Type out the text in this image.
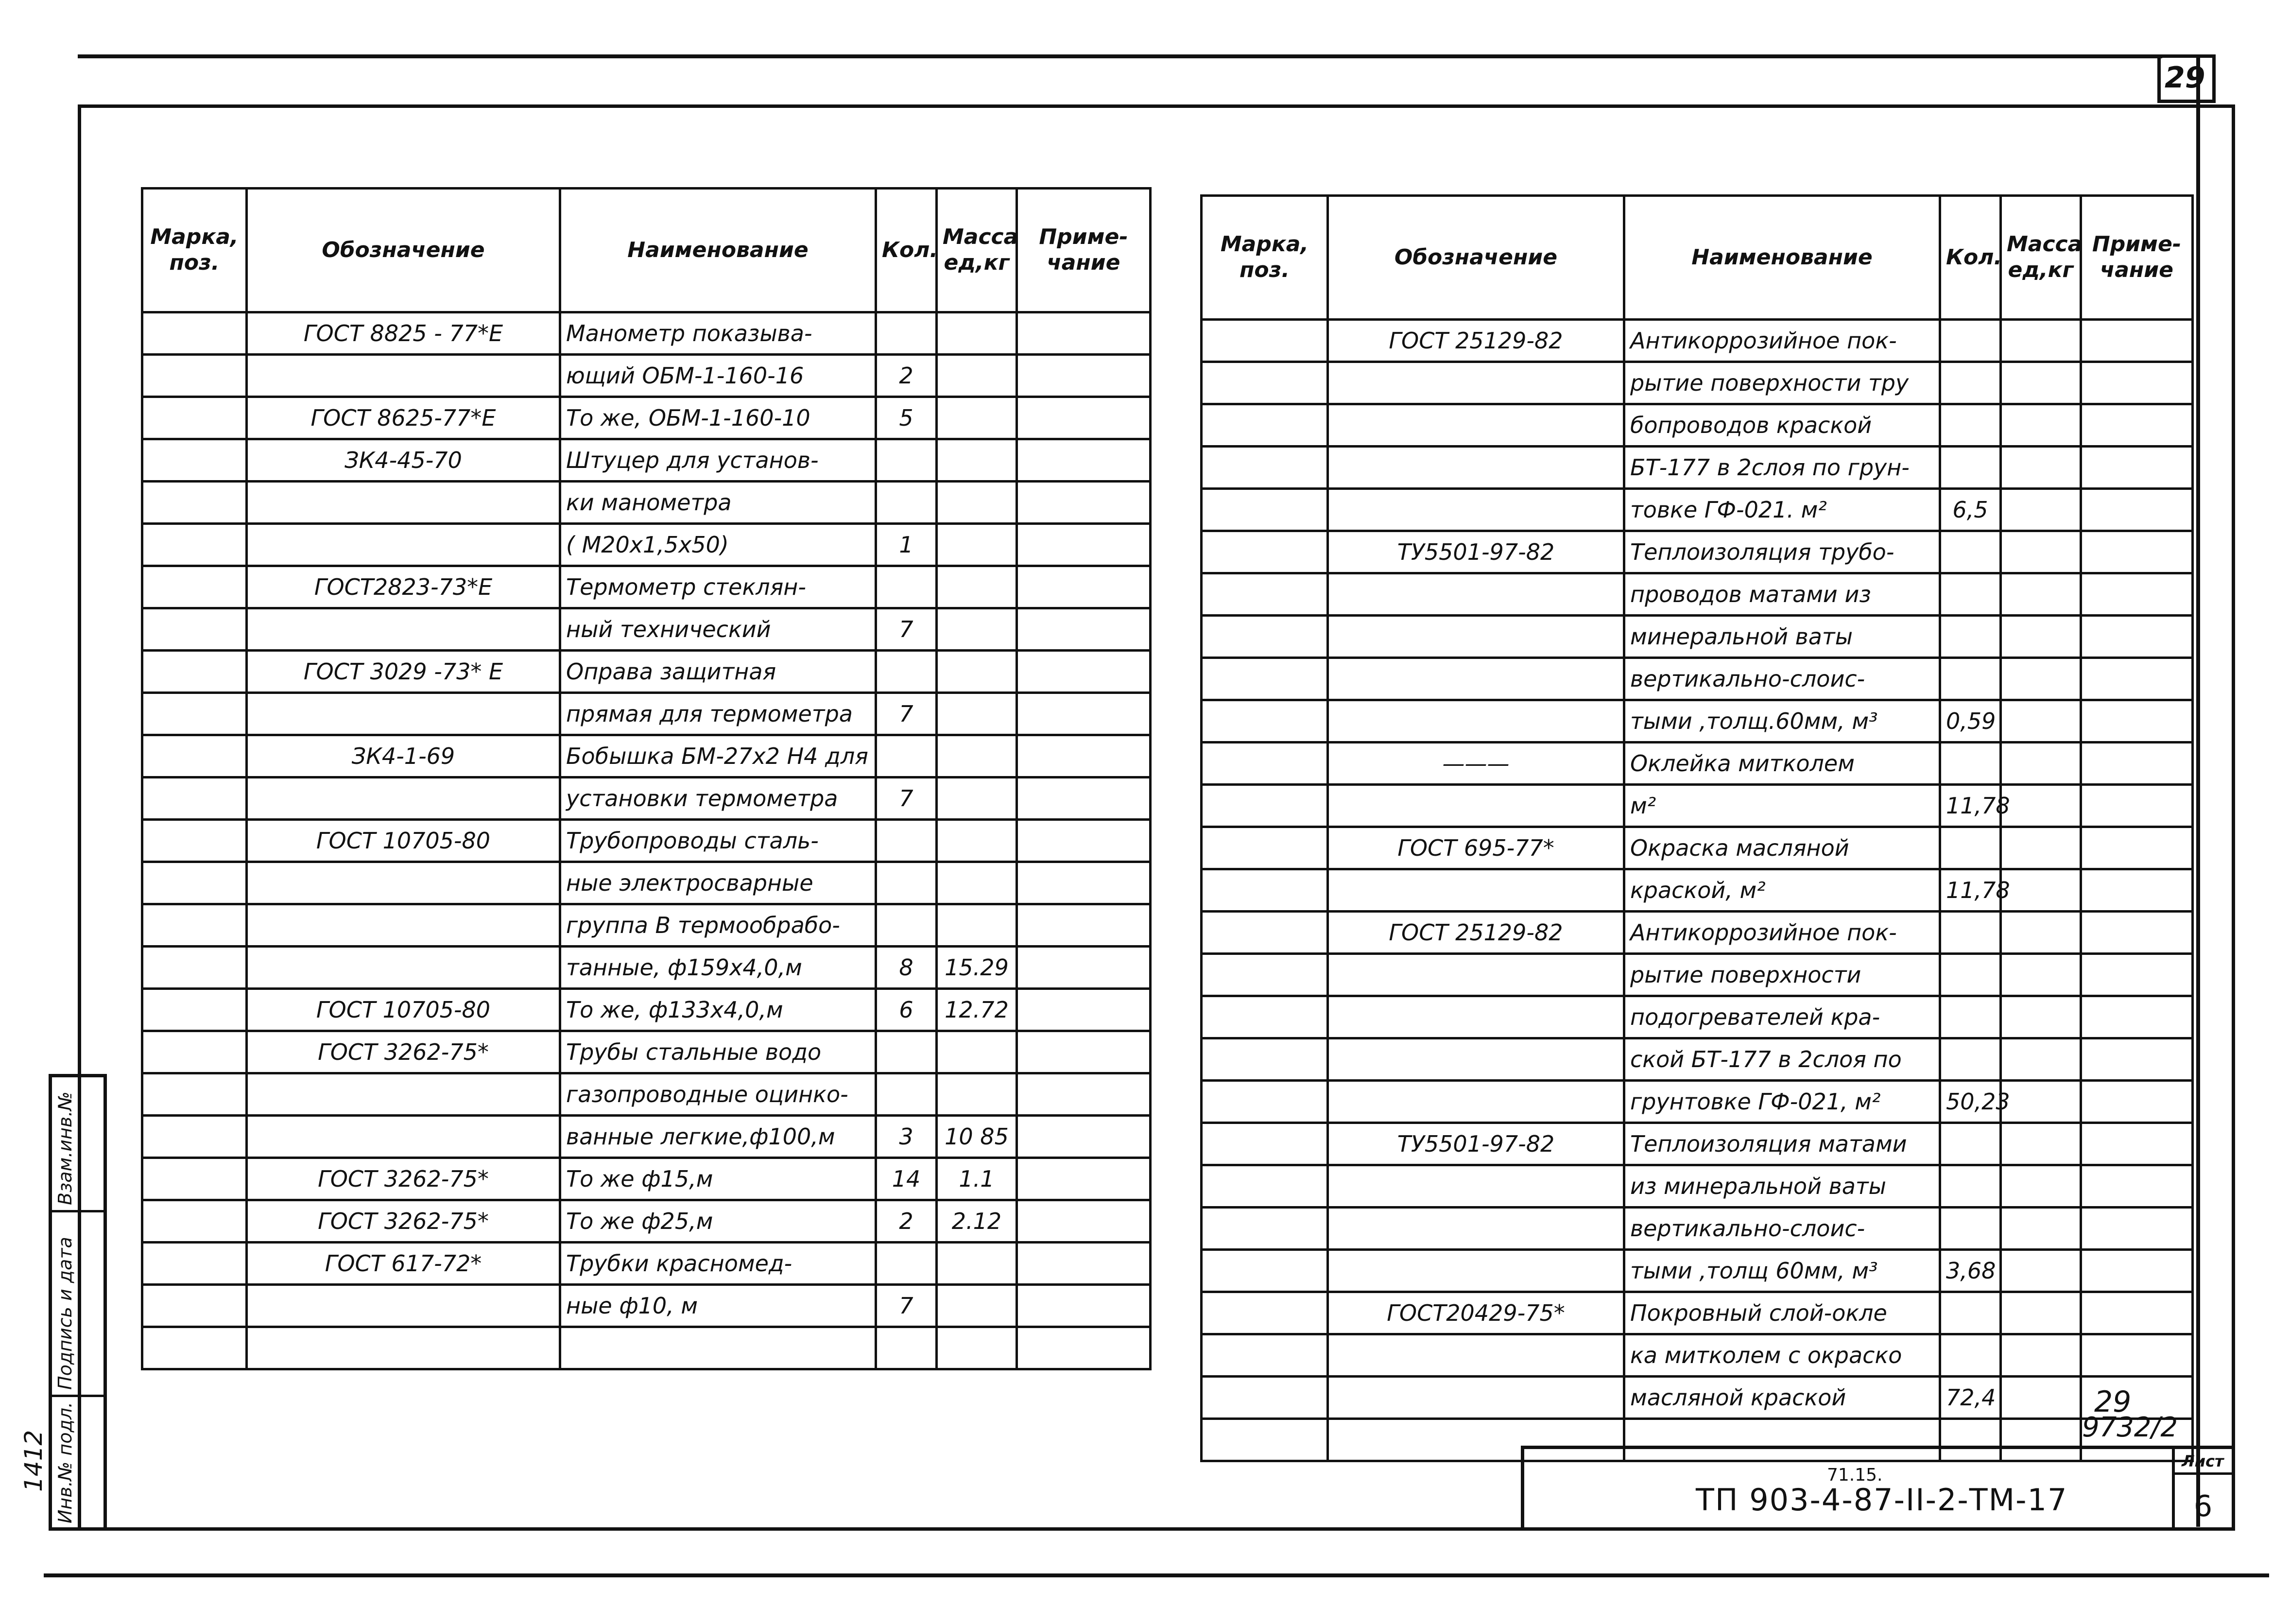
29
Марка, поз.	Обозначение	Наименование	Кол.	Масса ед,кг	Приме- чание
	ГОСТ 8825 - 77*Е	Манометр показыва-			
		ющий ОБМ-1-160-16	2		
	ГОСТ 8625-77*Е	То же, ОБМ-1-160-10	5		
	ЗК4-45-70	Штуцер для установ-			
		ки манометра			
		( М20х1,5х50)	1		
	ГОСТ2823-73*Е	Термометр стеклян-			
		ный технический	7		
	ГОСТ 3029 -73* Е	Оправа защитная			
		прямая для термометра	7		
	ЗК4-1-69	Бобышка БМ-27х2 Н4 для			
		установки термометра	7		
	ГОСТ 10705-80	Трубопроводы сталь-			
		ные электросварные			
		группа В термообрабо-			
		танные, ф159х4,0,м	8	15.29	
	ГОСТ 10705-80	То же, ф133х4,0,м	6	12.72	
	ГОСТ 3262-75*	Трубы стальные водо			
		газопроводные оцинко-			
		ванные легкие,ф100,м	3	10 85	
	ГОСТ 3262-75*	То же ф15,м	14	1.1	
	ГОСТ 3262-75*	То же ф25,м	2	2.12	
	ГОСТ 617-72*	Трубки красномед-			
		ные ф10, м	7		

Марка, поз.	Обозначение	Наименование	Кол.	Масса ед,кг	Приме- чание
	ГОСТ 25129-82	Антикоррозийное пок-			
		рытие поверхности тру			
		бопроводов краской			
		БТ-177 в 2слоя по грун-			
		товке ГФ-021. м²	6,5		
	ТУ5501-97-82	Теплоизоляция трубо-			
		проводов матами из			
		минеральной ваты			
		вертикально-слоис-			
		тыми ,толщ.60мм, м³	0,59		
	———	Оклейка митколем			
		м²	11,78		
	ГОСТ 695-77*	Окраска масляной			
		краской, м²	11,78		
	ГОСТ 25129-82	Антикоррозийное пок-			
		рытие поверхности			
		подогревателей кра-			
		ской БТ-177 в 2слоя по			
		грунтовке ГФ-021, м²	50,23		
	ТУ5501-97-82	Теплоизоляция матами			
		из минеральной ваты			
		вертикально-слоис-			
		тыми ,толщ 60мм, м³	3,68		
	ГОСТ20429-75*	Покровный слой-окле			
		ка митколем с окраско			
		масляной краской	72,4		

Инв.№ подл.
Подпись и дата
Взам.инв.№
1412	71.15.
ТП 903-4-87-II-2-ТМ-17
Лист
6
29
9732/2
